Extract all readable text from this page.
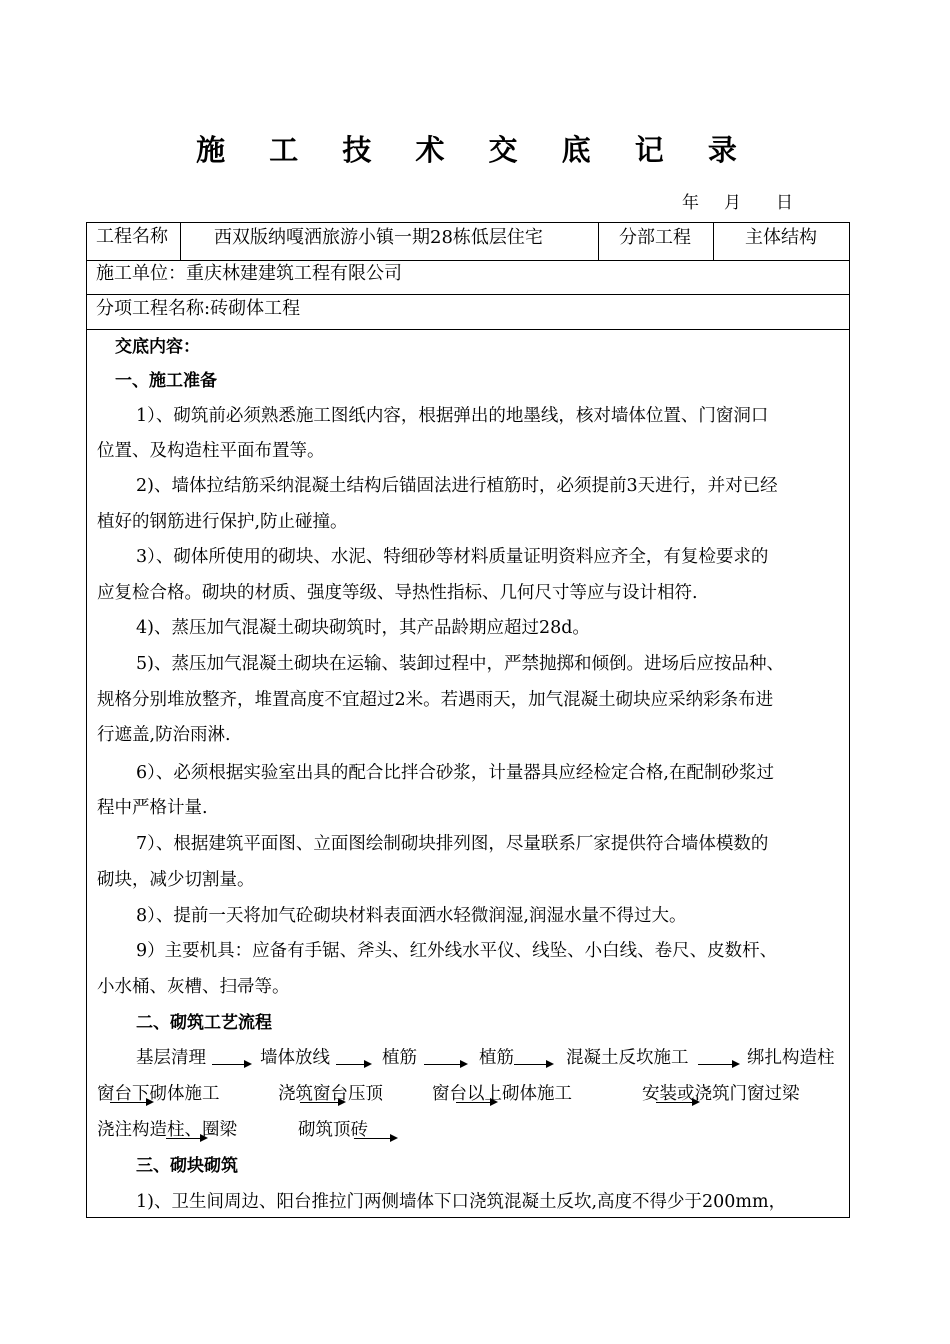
施 工 技 术 交 底 记 录
年 月 日
工程名称	西双版纳嘎洒旅游小镇一期28栋低层住宅	分部工程	主体结构
施工单位：重庆林建建筑工程有限公司
分项工程名称:砖砌体工程
交底内容：
一、施工准备
1）、砌筑前必须熟悉施工图纸内容，根据弹出的地墨线，核对墙体位置、门窗洞口
位置、及构造柱平面布置等。
2)、墙体拉结筋采纳混凝土结构后锚固法进行植筋时，必须提前3天进行，并对已经
植好的钢筋进行保护,防止碰撞。
3）、砌体所使用的砌块、水泥、特细砂等材料质量证明资料应齐全，有复检要求的
应复检合格。砌块的材质、强度等级、导热性指标、几何尺寸等应与设计相符.
4)、蒸压加气混凝土砌块砌筑时，其产品龄期应超过28d。
5)、蒸压加气混凝土砌块在运输、装卸过程中，严禁抛掷和倾倒。进场后应按品种、
规格分别堆放整齐，堆置高度不宜超过2米。若遇雨天，加气混凝土砌块应采纳彩条布进
行遮盖,防治雨淋.
6）、必须根据实验室出具的配合比拌合砂浆，计量器具应经检定合格,在配制砂浆过
程中严格计量.
7）、根据建筑平面图、立面图绘制砌块排列图，尽量联系厂家提供符合墙体模数的
砌块，减少切割量。
8）、提前一天将加气砼砌块材料表面洒水轻微润湿,润湿水量不得过大。
9）主要机具：应备有手锯、斧头、红外线水平仪、线坠、小白线、卷尺、皮数杆、
小水桶、灰槽、扫帚等。
二、砌筑工艺流程
基层清理	墙体放线	植筋	植筋	混凝土反坎施工	绑扎构造柱
窗台下砌体施工	浇筑窗台压顶	窗台以上砌体施工	安装或浇筑门窗过梁
浇注构造柱、圈梁	砌筑顶砖
三、砌块砌筑
1)、卫生间周边、阳台推拉门两侧墙体下口浇筑混凝土反坎,高度不得少于200mm，
